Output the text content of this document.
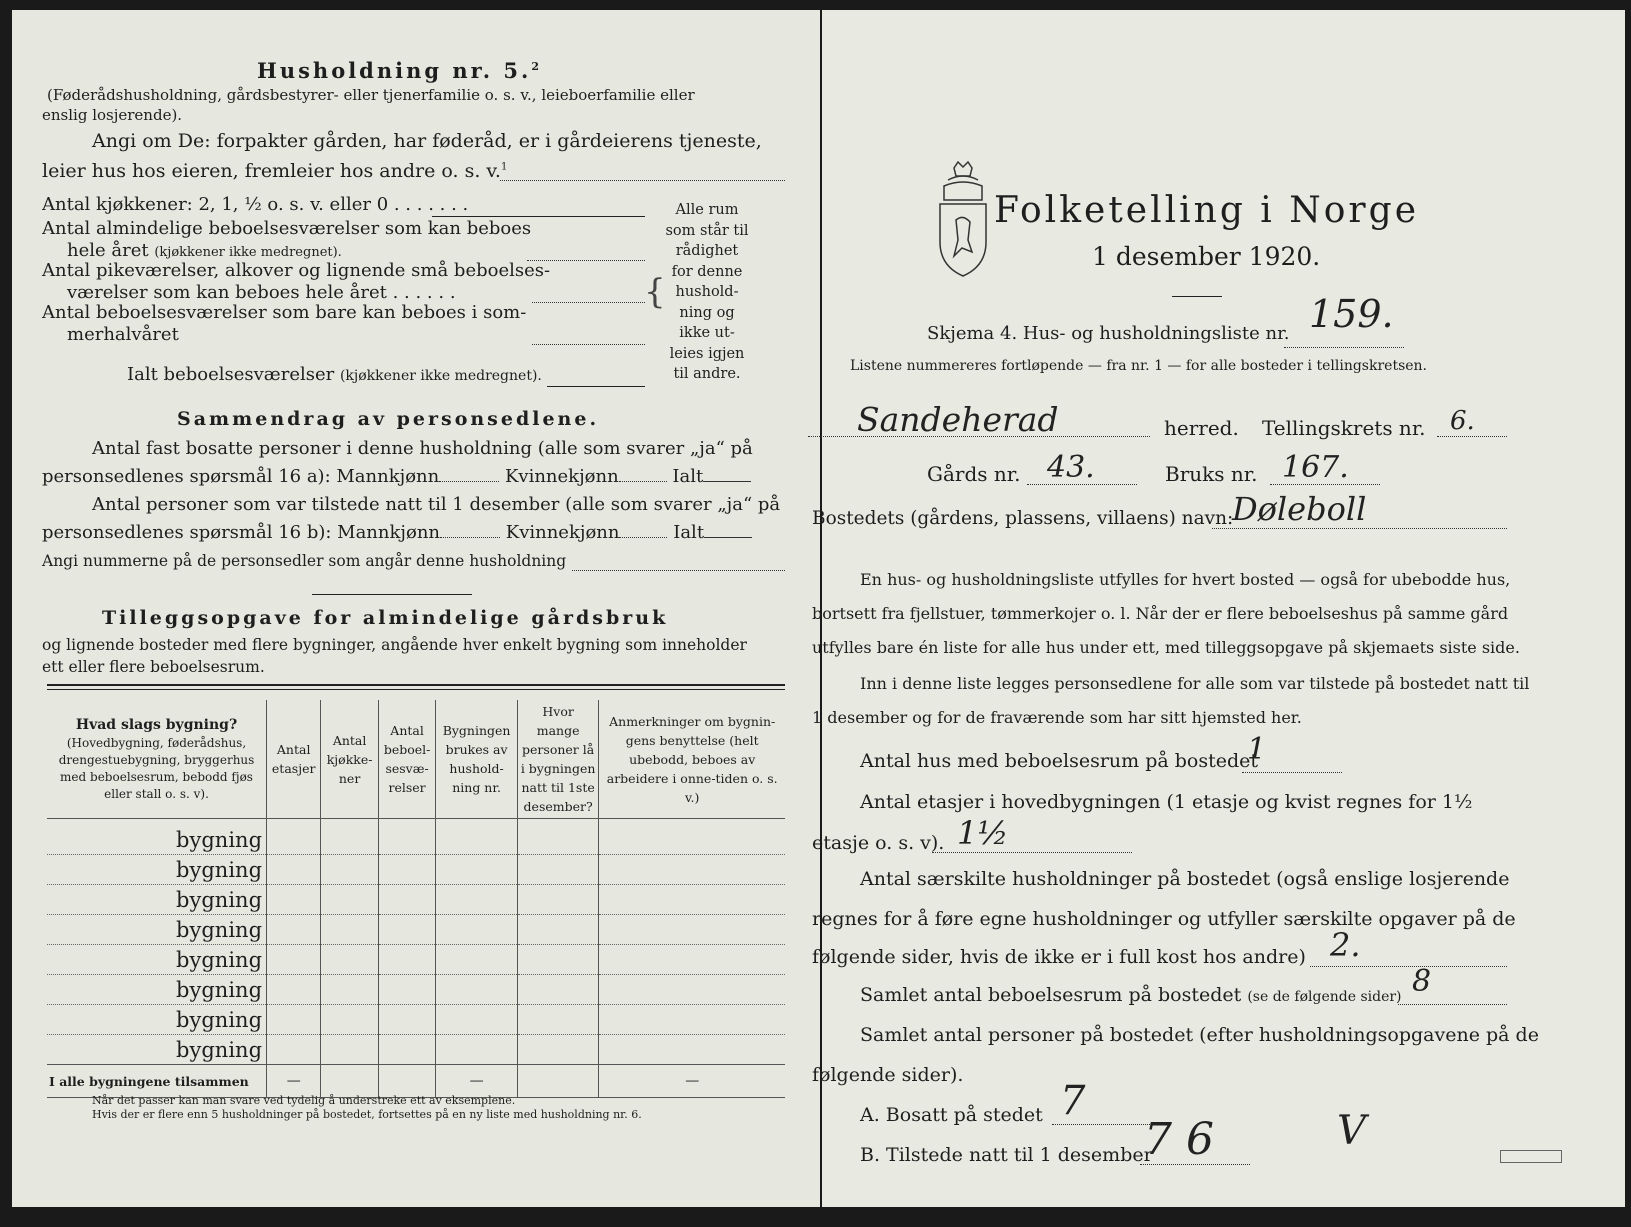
Husholdning nr. 5.$^2$
(Føderådshusholdning, gårdsbestyrer- eller tjenerfamilie o. s. v., leieboerfamilie eller
enslig losjerende).
Angi om De: forpakter gården, har føderåd, er i gårdeierens tjeneste,
leier hus hos eieren, fremleier hos andre o. s. v.$^1$
Antal kjøkkener: 2, 1, ½ o. s. v. eller 0 . . . . . . .
Antal almindelige beboelsesværelser som kan beboes
hele året (kjøkkener ikke medregnet).
Antal pikeværelser, alkover og lignende små beboelses-
værelser som kan beboes hele året . . . . . .
Antal beboelsesværelser som bare kan beboes i som-
merhalvåret
Ialt beboelsesværelser (kjøkkener ikke medregnet).
{
Alle rum
som står til
rådighet
for denne
hushold-
ning og
ikke ut-
leies igjen
til andre.
Sammendrag av personsedlene.
Antal fast bosatte personer i denne husholdning (alle som svarer „ja“ på
personsedlenes spørsmål 16 a): Mannkjønn	Kvinnekjønn	Ialt
Antal personer som var tilstede natt til 1 desember (alle som svarer „ja“ på
personsedlenes spørsmål 16 b): Mannkjønn	Kvinnekjønn	Ialt
Angi nummerne på de personsedler som angår denne husholdning
Tilleggsopgave for almindelige gårdsbruk
og lignende bosteder med flere bygninger, angående hver enkelt bygning som inneholder
ett eller flere beboelsesrum.
Hvad slags bygning?
(Hovedbygning, føderådshus, drengestuebygning, bryggerhus med beboelsesrum, bebodd fjøs eller stall o. s. v).	Antal etasjer	Antal kjøkke-ner	Antal beboel-sesvæ-relser	Bygningen brukes av hushold-ning nr.	Hvor mange personer lå i bygningen natt til 1ste desember?	Anmerkninger om bygnin-gens benyttelse (helt ubebodd, beboes av arbeidere i onne-tiden o. s. v.)

bygning						
bygning						
bygning						
bygning						
bygning						
bygning						
bygning						
bygning						
I alle bygningene tilsammen	—			—		—
Når det passer kan man svare ved tydelig å understreke ett av eksemplene.
Hvis der er flere enn 5 husholdninger på bostedet, fortsettes på en ny liste med husholdning nr. 6.
Folketelling i Norge
1 desember 1920.
Skjema 4. Hus- og husholdningsliste nr. 159.
Listene nummereres fortløpende — fra nr. 1 — for alle bosteder i tellingskretsen.
Sandeherad	herred. Tellingskrets nr. 6.
Gårds nr. 43.	Bruks nr. 167.
Bostedets (gårdens, plassens, villaens) navn:
Døleboll
En hus- og husholdningsliste utfylles for hvert bosted — også for ubebodde hus,
bortsett fra fjellstuer, tømmerkojer o. l. Når der er flere beboelseshus på samme gård
utfylles bare én liste for alle hus under ett, med tilleggsopgave på skjemaets siste side.
Inn i denne liste legges personsedlene for alle som var tilstede på bostedet natt til
1 desember og for de fraværende som har sitt hjemsted her.
Antal hus med beboelsesrum på bostedet
1
Antal etasjer i hovedbygningen (1 etasje og kvist regnes for 1½
etasje o. s. v). 1½
Antal særskilte husholdninger på bostedet (også enslige losjerende
regnes for å føre egne husholdninger og utfyller særskilte opgaver på de
følgende sider, hvis de ikke er i full kost hos andre) 2.
Samlet antal beboelsesrum på bostedet (se de følgende sider) 8
Samlet antal personer på bostedet (efter husholdningsopgavene på de
følgende sider).
A. Bosatt på stedet 7
B. Tilstede natt til 1 desember
7 6	V
